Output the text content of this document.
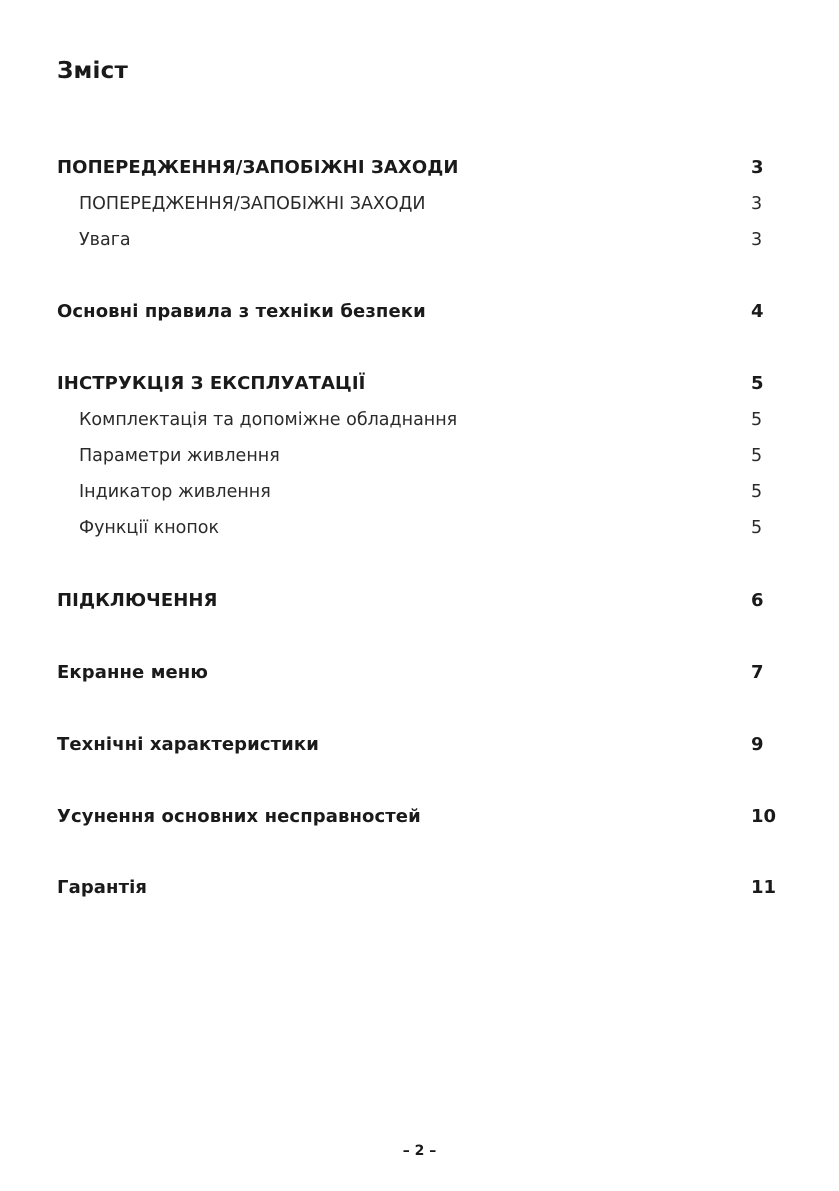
Зміст
ПОПЕРЕДЖЕННЯ/ЗАПОБІЖНІ ЗАХОДИ	3
ПОПЕРЕДЖЕННЯ/ЗАПОБІЖНІ ЗАХОДИ	3
Увага	3
Основні правила з техніки безпеки	4
ІНСТРУКЦІЯ З ЕКСПЛУАТАЦІЇ	5
Комплектація та допоміжне обладнання	5
Параметри живлення	5
Індикатор живлення	5
Функції кнопок	5
ПІДКЛЮЧЕННЯ	6
Екранне меню	7
Технічні характеристики	9
Усунення основних несправностей	10
Гарантія	11
– 2 –
